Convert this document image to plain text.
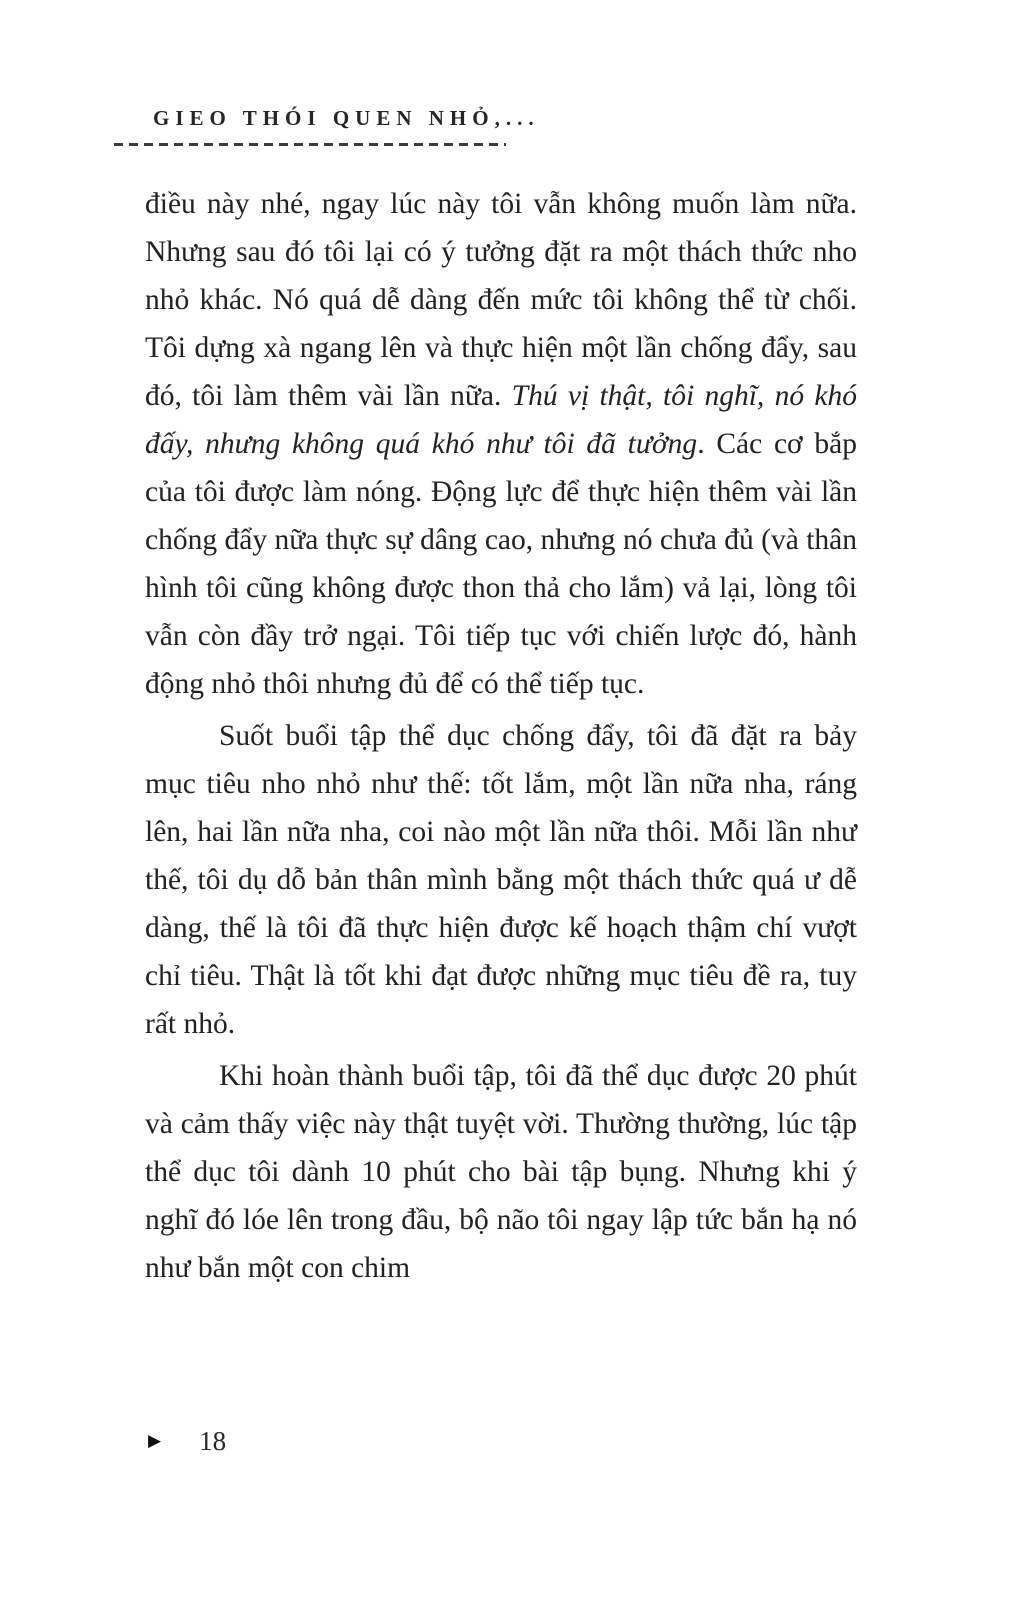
GIEO THÓI QUEN NHỎ,...

điều này nhé, ngay lúc này tôi vẫn không muốn làm nữa. Nhưng sau đó tôi lại có ý tưởng đặt ra một thách thức nho nhỏ khác. Nó quá dễ dàng đến mức tôi không thể từ chối. Tôi dựng xà ngang lên và thực hiện một lần chống đẩy, sau đó, tôi làm thêm vài lần nữa. Thú vị thật, tôi nghĩ, nó khó đấy, nhưng không quá khó như tôi đã tưởng. Các cơ bắp của tôi được làm nóng. Động lực để thực hiện thêm vài lần chống đẩy nữa thực sự dâng cao, nhưng nó chưa đủ (và thân hình tôi cũng không được thon thả cho lắm) vả lại, lòng tôi vẫn còn đầy trở ngại. Tôi tiếp tục với chiến lược đó, hành động nhỏ thôi nhưng đủ để có thể tiếp tục.

Suốt buổi tập thể dục chống đẩy, tôi đã đặt ra bảy mục tiêu nho nhỏ như thế: tốt lắm, một lần nữa nha, ráng lên, hai lần nữa nha, coi nào một lần nữa thôi. Mỗi lần như thế, tôi dụ dỗ bản thân mình bằng một thách thức quá ư dễ dàng, thế là tôi đã thực hiện được kế hoạch thậm chí vượt chỉ tiêu. Thật là tốt khi đạt được những mục tiêu đề ra, tuy rất nhỏ.

Khi hoàn thành buổi tập, tôi đã thể dục được 20 phút và cảm thấy việc này thật tuyệt vời. Thường thường, lúc tập thể dục tôi dành 10 phút cho bài tập bụng. Nhưng khi ý nghĩ đó lóe lên trong đầu, bộ não tôi ngay lập tức bắn hạ nó như bắn một con chim

▶ 18
